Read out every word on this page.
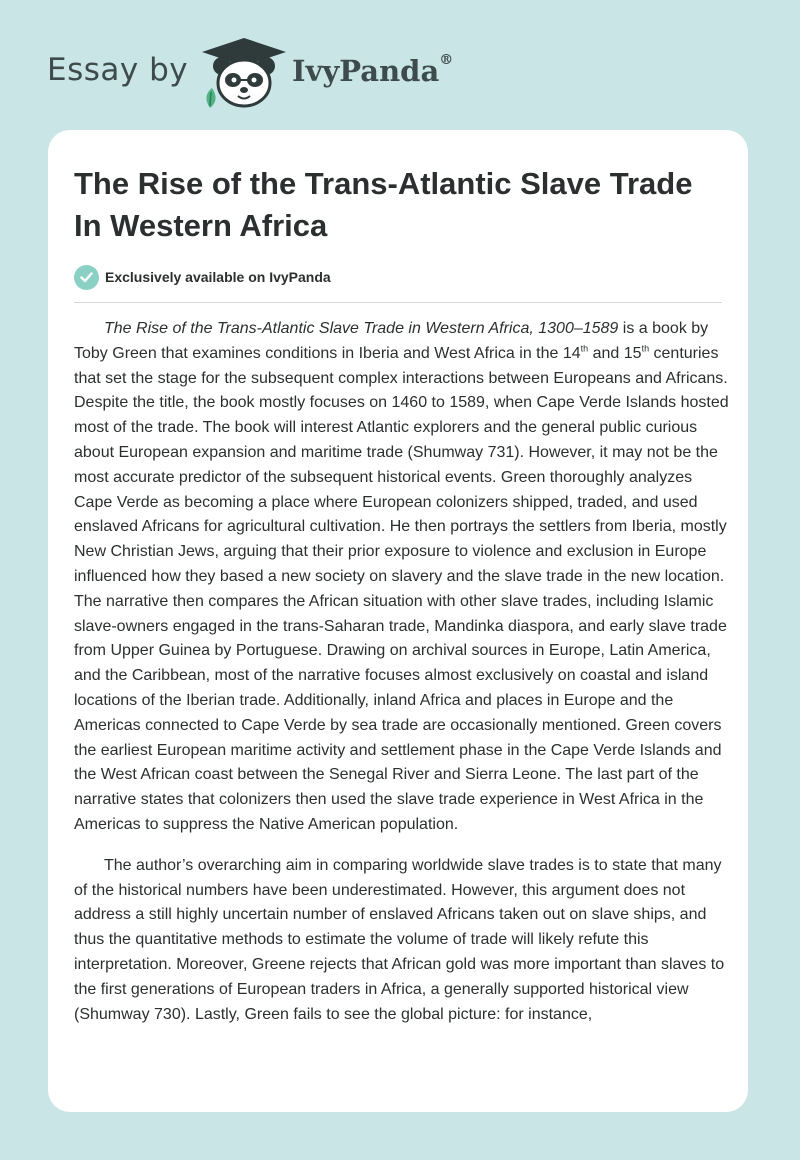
Essay by	IvyPanda®
The Rise of the Trans-Atlantic Slave Trade In Western Africa
Exclusively available on IvyPanda

The Rise of the Trans-Atlantic Slave Trade in Western Africa, 1300–1589 is a book by Toby Green that examines conditions in Iberia and West Africa in the 14th and 15th centuries that set the stage for the subsequent complex interactions between Europeans and Africans. Despite the title, the book mostly focuses on 1460 to 1589, when Cape Verde Islands hosted most of the trade. The book will interest Atlantic explorers and the general public curious about European expansion and maritime trade (Shumway 731). However, it may not be the most accurate predictor of the subsequent historical events. Green thoroughly analyzes Cape Verde as becoming a place where European colonizers shipped, traded, and used enslaved Africans for agricultural cultivation. He then portrays the settlers from Iberia, mostly New Christian Jews, arguing that their prior exposure to violence and exclusion in Europe influenced how they based a new society on slavery and the slave trade in the new location. The narrative then compares the African situation with other slave trades, including Islamic slave-owners engaged in the trans-Saharan trade, Mandinka diaspora, and early slave trade from Upper Guinea by Portuguese. Drawing on archival sources in Europe, Latin America, and the Caribbean, most of the narrative focuses almost exclusively on coastal and island locations of the Iberian trade. Additionally, inland Africa and places in Europe and the Americas connected to Cape Verde by sea trade are occasionally mentioned. Green covers the earliest European maritime activity and settlement phase in the Cape Verde Islands and the West African coast between the Senegal River and Sierra Leone. The last part of the narrative states that colonizers then used the slave trade experience in West Africa in the Americas to suppress the Native American population.

The author’s overarching aim in comparing worldwide slave trades is to state that many of the historical numbers have been underestimated. However, this argument does not address a still highly uncertain number of enslaved Africans taken out on slave ships, and thus the quantitative methods to estimate the volume of trade will likely refute this interpretation. Moreover, Greene rejects that African gold was more important than slaves to the first generations of European traders in Africa, a generally supported historical view (Shumway 730). Lastly, Green fails to see the global picture: for instance,
